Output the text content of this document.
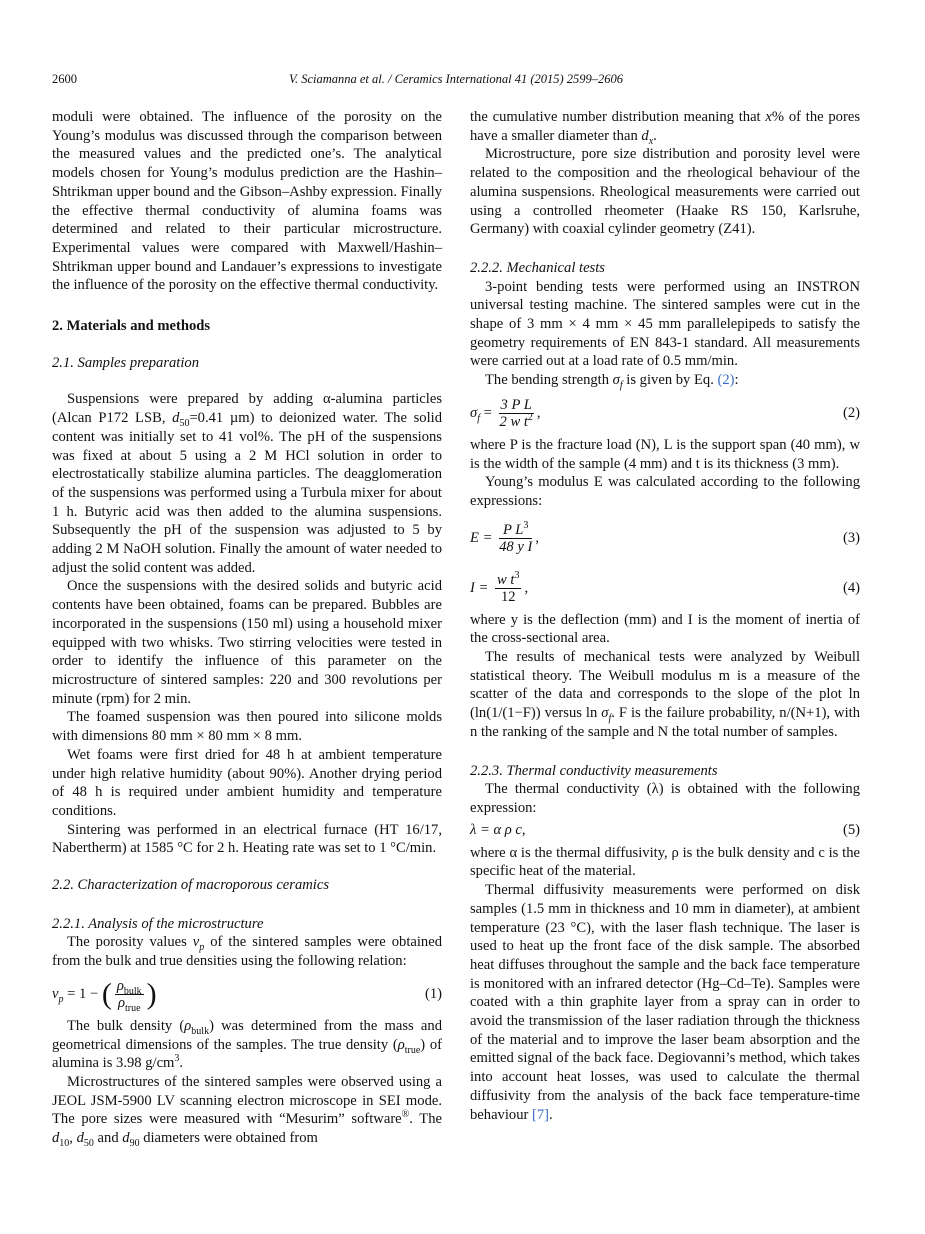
2600	V. Sciamanna et al. / Ceramics International 41 (2015) 2599–2606

moduli were obtained. The influence of the porosity on the Young’s modulus was discussed through the comparison between the measured values and the predicted one’s. The analytical models chosen for Young’s modulus prediction are the Hashin–Shtrikman upper bound and the Gibson–Ashby expression. Finally the effective thermal conductivity of alumina foams was determined and related to their particular microstructure. Experimental values were compared with Maxwell/Hashin–Shtrikman upper bound and Landauer’s expressions to investigate the influence of the porosity on the effective thermal conductivity.

2. Materials and methods
2.1. Samples preparation

Suspensions were prepared by adding α-alumina particles (Alcan P172 LSB, $d_{50}=0.41$ µm) to deionized water. The solid content was initially set to 41 vol%. The pH of the suspensions was fixed at about 5 using a 2 M HCl solution in order to electrostatically stabilize alumina particles. The deagglomeration of the suspensions was performed using a Turbula mixer for about 1 h. Butyric acid was then added to the alumina suspensions. Subsequently the pH of the suspension was adjusted to 5 by adding 2 M NaOH solution. Finally the amount of water needed to adjust the solid content was added.

Once the suspensions with the desired solids and butyric acid contents have been obtained, foams can be prepared. Bubbles are incorporated in the suspensions (150 ml) using a household mixer equipped with two whisks. Two stirring velocities were tested in order to identify the influence of this parameter on the microstructure of sintered samples: 220 and 300 revolutions per minute (rpm) for 2 min.

The foamed suspension was then poured into silicone molds with dimensions 80 mm × 80 mm × 8 mm.

Wet foams were first dried for 48 h at ambient temperature under high relative humidity (about 90%). Another drying period of 48 h is required under ambient humidity and temperature conditions.

Sintering was performed in an electrical furnace (HT 16/17, Nabertherm) at 1585 °C for 2 h. Heating rate was set to 1 °C/min.

2.2. Characterization of macroporous ceramics
2.2.1. Analysis of the microstructure

The porosity values $v_p$ of the sintered samples were obtained from the bulk and true densities using the following relation:

$v_p = 1$ − ( $\frac{\rho_{bulk}}{\rho_{true}}$ )	(1)

The bulk density $(\rho_{bulk})$ was determined from the mass and geometrical dimensions of the samples. The true density $(\rho_{true})$ of alumina is 3.98 $g/cm^3$.

Microstructures of the sintered samples were observed using a JEOL JSM-5900 LV scanning electron microscope in SEI mode. The pore sizes were measured with “Mesurim” software®. The $d_{10}$, $d_{50}$ and $d_{90}$ diameters were obtained from

the cumulative number distribution meaning that x% of the pores have a smaller diameter than $d_x$.

Microstructure, pore size distribution and porosity level were related to the composition and the rheological behaviour of the alumina suspensions. Rheological measurements were carried out using a controlled rheometer (Haake RS 150, Karlsruhe, Germany) with coaxial cylinder geometry (Z41).

2.2.2. Mechanical tests

3-point bending tests were performed using an INSTRON universal testing machine. The sintered samples were cut in the shape of 3 mm × 4 mm × 45 mm parallelepipeds to satisfy the geometry requirements of EN 843-1 standard. All measurements were carried out at a load rate of 0.5 mm/min.

The bending strength $\sigma_f$ is given by Eq. (2):

$\sigma_f = \frac{\text{3 P L}}{2 w t^2}$ ,	(2)

where P is the fracture load (N), L is the support span (40 mm), w is the width of the sample (4 mm) and t is its thickness (3 mm).

Young’s modulus E was calculated according to the following expressions:

$E = \frac{P L^3}{\text{48 y I}}$ ,	(3)
$I = \frac{w t^3}{12}$ ,	(4)

where y is the deflection (mm) and I is the moment of inertia of the cross-sectional area.

The results of mechanical tests were analyzed by Weibull statistical theory. The Weibull modulus m is a measure of the scatter of the data and corresponds to the slope of the plot ln (ln(1/(1−F)) versus $\ln \sigma_f$. F is the failure probability, n/(N+1), with n the ranking of the sample and N the total number of samples.

2.2.3. Thermal conductivity measurements

The thermal conductivity (λ) is obtained with the following expression:

λ = α ρ c,	(5)

where α is the thermal diffusivity, ρ is the bulk density and c is the specific heat of the material.

Thermal diffusivity measurements were performed on disk samples (1.5 mm in thickness and 10 mm in diameter), at ambient temperature (23 °C), with the laser flash technique. The laser is used to heat up the front face of the disk sample. The absorbed heat diffuses throughout the sample and the back face temperature is monitored with an infrared detector (Hg–Cd–Te). Samples were coated with a thin graphite layer from a spray can in order to avoid the transmission of the laser radiation through the thickness of the material and to improve the laser beam absorption and the emitted signal of the back face. Degiovanni’s method, which takes into account heat losses, was used to calculate the thermal diffusivity from the analysis of the back face temperature-time behaviour [7].
